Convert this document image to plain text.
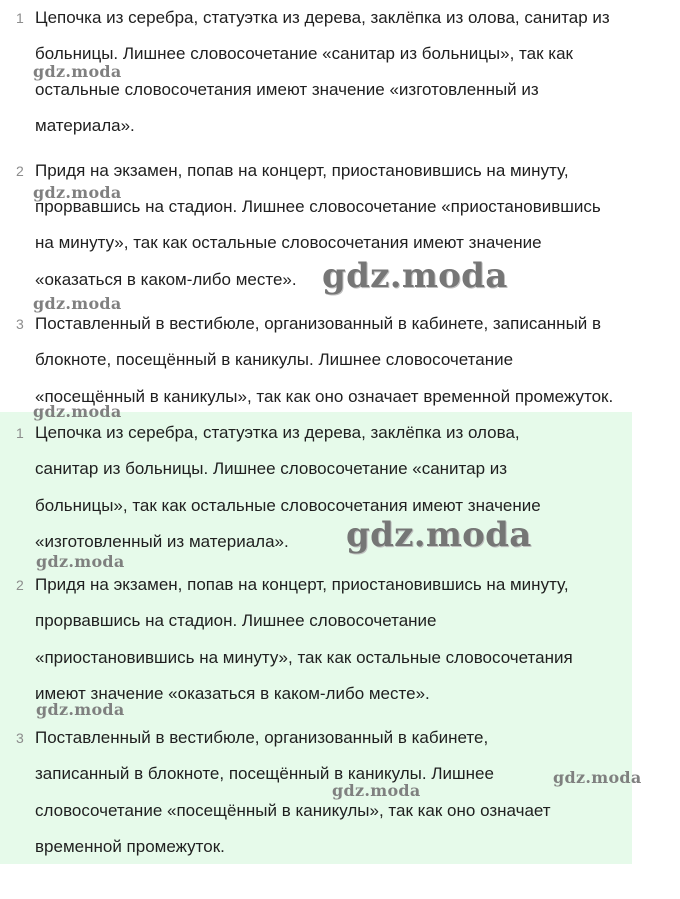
1 Цепочка из серебра, статуэтка из дерева, заклёпка из олова, санитар из
больницы. Лишнее словосочетание «санитар из больницы», так как
остальные словосочетания имеют значение «изготовленный из
материала».
2 Придя на экзамен, попав на концерт, приостановившись на минуту,
прорвавшись на стадион. Лишнее словосочетание «приостановившись
на минуту», так как остальные словосочетания имеют значение
«оказаться в каком-либо месте».
3 Поставленный в вестибюле, организованный в кабинете, записанный в
блокноте, посещённый в каникулы. Лишнее словосочетание
«посещённый в каникулы», так как оно означает временной промежуток.
1 Цепочка из серебра, статуэтка из дерева, заклёпка из олова,
санитар из больницы. Лишнее словосочетание «санитар из
больницы», так как остальные словосочетания имеют значение
«изготовленный из материала».
2 Придя на экзамен, попав на концерт, приостановившись на минуту,
прорвавшись на стадион. Лишнее словосочетание
«приостановившись на минуту», так как остальные словосочетания
имеют значение «оказаться в каком-либо месте».
3 Поставленный в вестибюле, организованный в кабинете,
записанный в блокноте, посещённый в каникулы. Лишнее
словосочетание «посещённый в каникулы», так как оно означает
временной промежуток.
gdz.moda
gdz.moda
gdz.moda
gdz.moda
gdz.moda
gdz.moda
gdz.moda
gdz.moda
gdz.moda
gdz.moda
